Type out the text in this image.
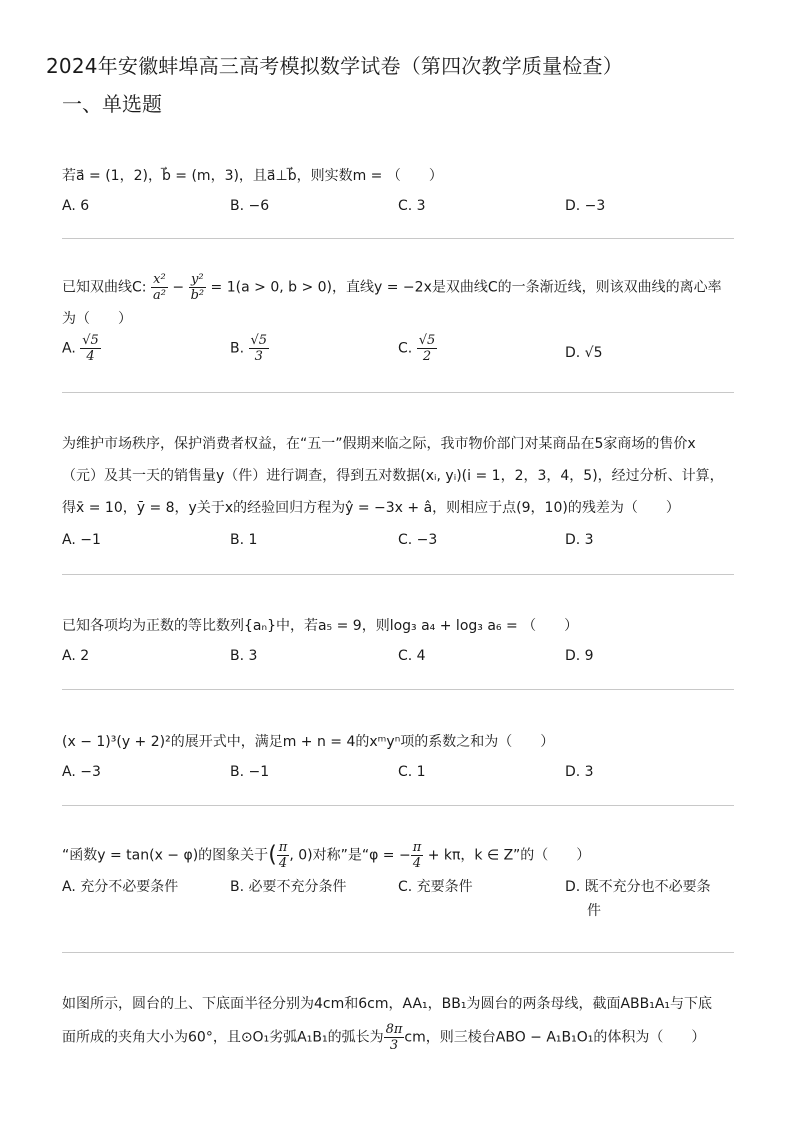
2024年安徽蚌埠高三高考模拟数学试卷（第四次教学质量检查）
一、单选题
若a⃗ = (1，2)，b⃗ = (m，3)，且a⃗⊥b⃗，则实数m = （　　）
A. 6	B. −6	C. 3	D. −3
已知双曲线C: $\frac{\text{x²}}{\text{a²}} - \frac{\text{y²}}{\text{b²}} = 1(a > 0$, b > 0)，直线y = −2x是双曲线C的一条渐近线，则该双曲线的离心率
为（　　）
A. $\frac{√5}{4}$	B. $\frac{√5}{3}$	C. $\frac{√5}{2}$	D. √5
为维护市场秩序，保护消费者权益，在“五一”假期来临之际，我市物价部门对某商品在5家商场的售价x
（元）及其一天的销售量y（件）进行调查，得到五对数据(xᵢ, yᵢ)(i = 1，2，3，4，5)，经过分析、计算，
得x̄ = 10，ȳ = 8，y关于x的经验回归方程为ŷ = −3x + â，则相应于点(9，10)的残差为（　　）
A. −1	B. 1	C. −3	D. 3
已知各项均为正数的等比数列{aₙ}中，若a₅ = 9，则log₃ a₄ + log₃ a₆ = （　　）
A. 2	B. 3	C. 4	D. 9
(x − 1)³(y + 2)²的展开式中，满足m + n = 4的xᵐyⁿ项的系数之和为（　　）
A. −3	B. −1	C. 1	D. 3
“函数y = tan(x − φ)的图象关于( $\frac{\pi}{4}$ , 0)对称”是“φ = − $\frac{\pi}{4} + k\pi$，k ∈ Z”的（　　）
A. 充分不必要条件	B. 必要不充分条件	C. 充要条件	D. 既不充分也不必要条
件
如图所示，圆台的上、下底面半径分别为4cm和6cm，AA₁，BB₁为圆台的两条母线，截面ABB₁A₁与下底
面所成的夹角大小为60°，且⊙O₁劣弧A₁B₁的弧长为 $\frac{8\pi}{3}$ cm，则三棱台ABO − A₁B₁O₁的体积为（　　）
